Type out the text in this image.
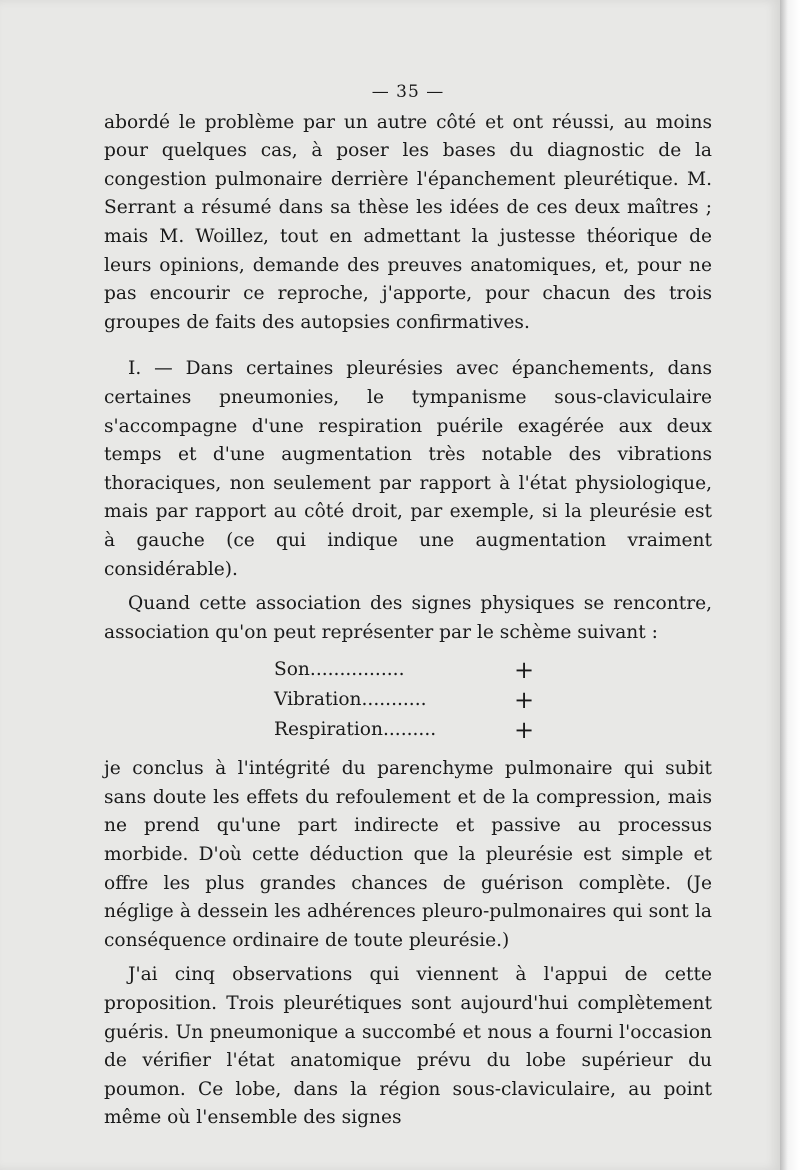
— 35 —

abordé le problème par un autre côté et ont réussi, au moins pour quelques cas, à poser les bases du diagnostic de la congestion pulmonaire derrière l'épanchement pleurétique. M. Serrant a résumé dans sa thèse les idées de ces deux maîtres ; mais M. Woillez, tout en admettant la justesse théorique de leurs opinions, demande des preuves anatomiques, et, pour ne pas encourir ce reproche, j'apporte, pour chacun des trois groupes de faits des autopsies confirmatives.

I. — Dans certaines pleurésies avec épanchements, dans certaines pneumonies, le tympanisme sous-claviculaire s'accompagne d'une respiration puérile exagérée aux deux temps et d'une augmentation très notable des vibrations thoraciques, non seulement par rapport à l'état physiologique, mais par rapport au côté droit, par exemple, si la pleurésie est à gauche (ce qui indique une augmentation vraiment considérable).

Quand cette association des signes physiques se rencontre, association qu'on peut représenter par le schème suivant :

Son................	+
Vibration...........	+
Respiration.........	+

je conclus à l'intégrité du parenchyme pulmonaire qui subit sans doute les effets du refoulement et de la compression, mais ne prend qu'une part indirecte et passive au processus morbide. D'où cette déduction que la pleurésie est simple et offre les plus grandes chances de guérison complète. (Je néglige à dessein les adhérences pleuro-pulmonaires qui sont la conséquence ordinaire de toute pleurésie.)

J'ai cinq observations qui viennent à l'appui de cette proposition. Trois pleurétiques sont aujourd'hui complètement guéris. Un pneumonique a succombé et nous a fourni l'occasion de vérifier l'état anatomique prévu du lobe supérieur du poumon. Ce lobe, dans la région sous-claviculaire, au point même où l'ensemble des signes
